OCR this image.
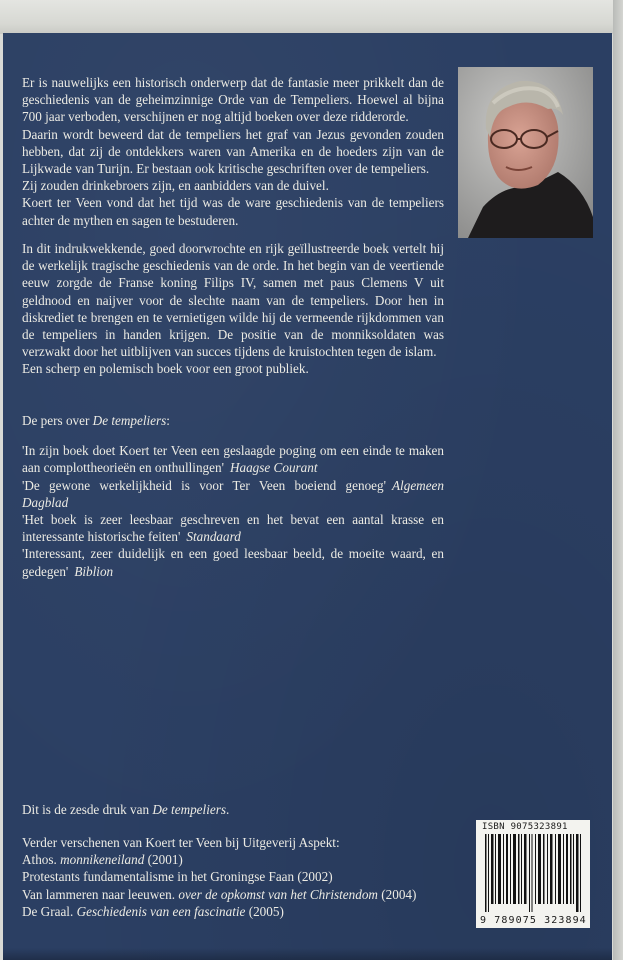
Er is nauwelijks een historisch onderwerp dat de fantasie meer prikkelt dan de geschiedenis van de geheimzinnige Orde van de Tempeliers. Hoewel al bijna 700 jaar verboden, verschijnen er nog altijd boeken over deze ridderorde.

Daarin wordt beweerd dat de tempeliers het graf van Jezus gevonden zouden hebben, dat zij de ontdekkers waren van Amerika en de hoeders zijn van de Lijkwade van Turijn. Er bestaan ook kritische geschriften over de tempeliers.

Zij zouden drinkebroers zijn, en aanbidders van de duivel.

Koert ter Veen vond dat het tijd was de ware geschiedenis van de tempeliers achter de mythen en sagen te bestuderen.

In dit indrukwekkende, goed doorwrochte en rijk geïllustreerde boek vertelt hij de werkelijk tragische geschiedenis van de orde. In het begin van de veertiende eeuw zorgde de Franse koning Filips IV, samen met paus Clemens V uit geldnood en naijver voor de slechte naam van de tempeliers. Door hen in diskrediet te brengen en te vernietigen wilde hij de vermeende rijkdommen van de tempeliers in handen krijgen. De positie van de monniksoldaten was verzwakt door het uitblijven van succes tijdens de kruistochten tegen de islam.

Een scherp en polemisch boek voor een groot publiek.

De pers over De tempeliers:

'In zijn boek doet Koert ter Veen een geslaagde poging om een einde te maken aan complottheorieën en onthullingen' Haagse Courant

'De gewone werkelijkheid is voor Ter Veen boeiend genoeg' Algemeen Dagblad

'Het boek is zeer leesbaar geschreven en het bevat een aantal krasse en interessante historische feiten' Standaard

'Interessant, zeer duidelijk en een goed leesbaar beeld, de moeite waard, en gedegen' Biblion

Dit is de zesde druk van De tempeliers.

Verder verschenen van Koert ter Veen bij Uitgeverij Aspekt:

Athos. monnikeneiland (2001)

Protestants fundamentalisme in het Groningse Faan (2002)

Van lammeren naar leeuwen. over de opkomst van het Christendom (2004)

De Graal. Geschiedenis van een fascinatie (2005)

ISBN 9075323891
9 789075 323894
